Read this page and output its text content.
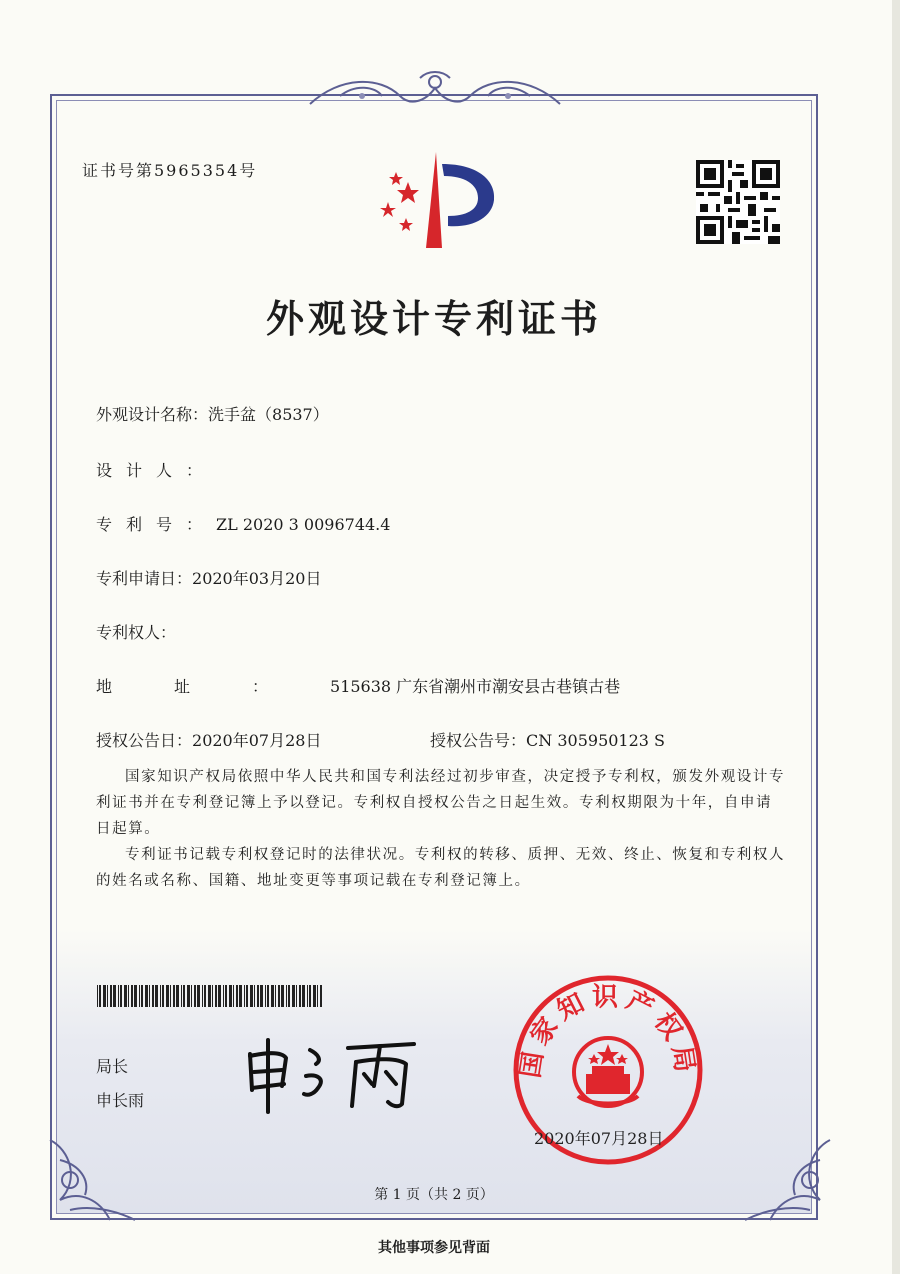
证书号第5965354号
外观设计专利证书
外观设计名称：洗手盆（8537）
设计人：
专利号：ZL 2020 3 0096744.4
专利申请日：2020年03月20日
专利权人：
地址：515638 广东省潮州市潮安县古巷镇古巷
授权公告日：2020年07月28日	授权公告号：CN 305950123 S
国家知识产权局依照中华人民共和国专利法经过初步审查，决定授予专利权，颁发外观设计专利证书并在专利登记簿上予以登记。专利权自授权公告之日起生效。专利权期限为十年，自申请日起算。
专利证书记载专利权登记时的法律状况。专利权的转移、质押、无效、终止、恢复和专利权人的姓名或名称、国籍、地址变更等事项记载在专利登记簿上。
局长
申长雨
国家知识产权局
2020年07月28日
第 1 页（共 2 页）
其他事项参见背面
